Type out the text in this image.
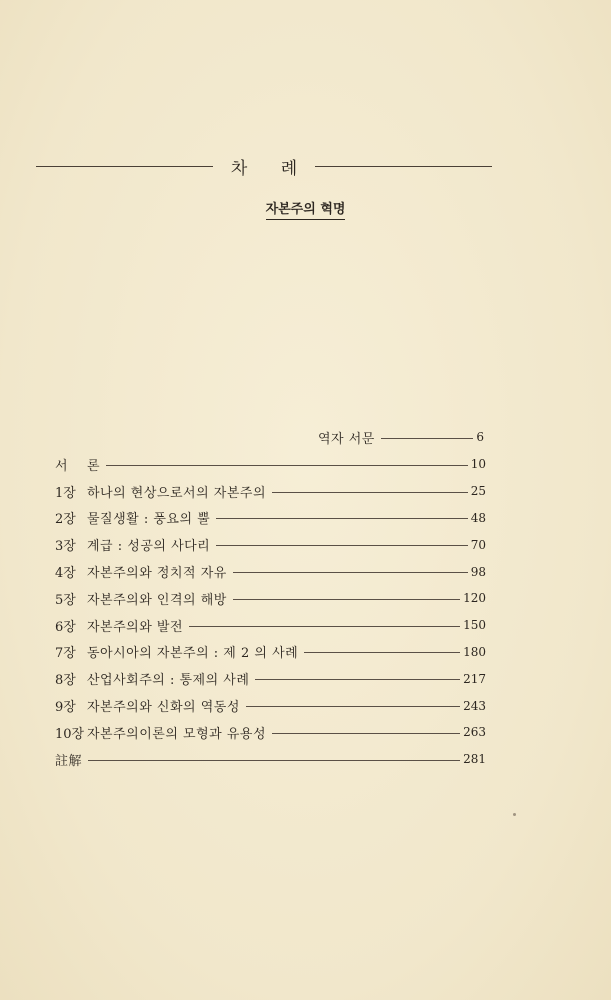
차 례
자본주의 혁명
역자 서문	6
서	론	10
1장 하나의 현상으로서의 자본주의	25
2장 물질생활 : 풍요의 뿔	48
3장 계급 : 성공의 사다리	70
4장 자본주의와 정치적 자유	98
5장 자본주의와 인격의 해방	120
6장 자본주의와 발전	150
7장 동아시아의 자본주의 : 제 2 의 사례	180
8장 산업사회주의 : 통제의 사례	217
9장 자본주의와 신화의 역동성	243
10장 자본주의이론의 모형과 유용성	263
註解	281
